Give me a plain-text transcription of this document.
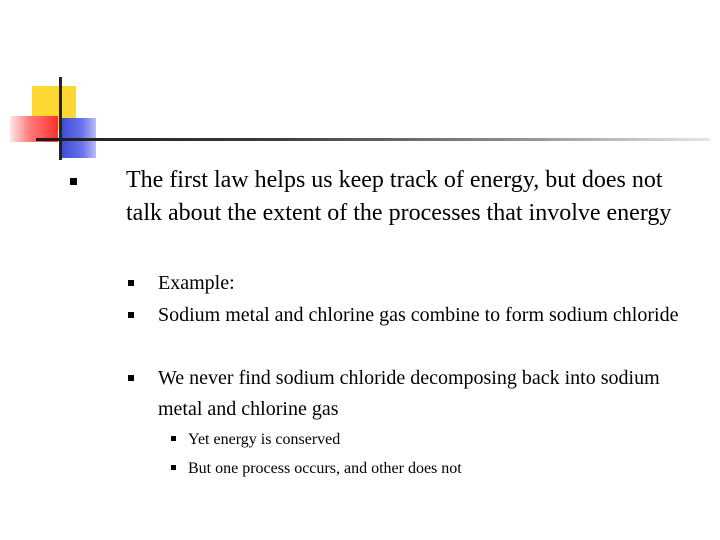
The first law helps us keep track of energy, but does not talk about the extent of the processes that involve energy
Example:
Sodium metal and chlorine gas combine to form sodium chloride
We never find sodium chloride decomposing back into sodium metal and chlorine gas
Yet energy is conserved
But one process occurs, and other does not
